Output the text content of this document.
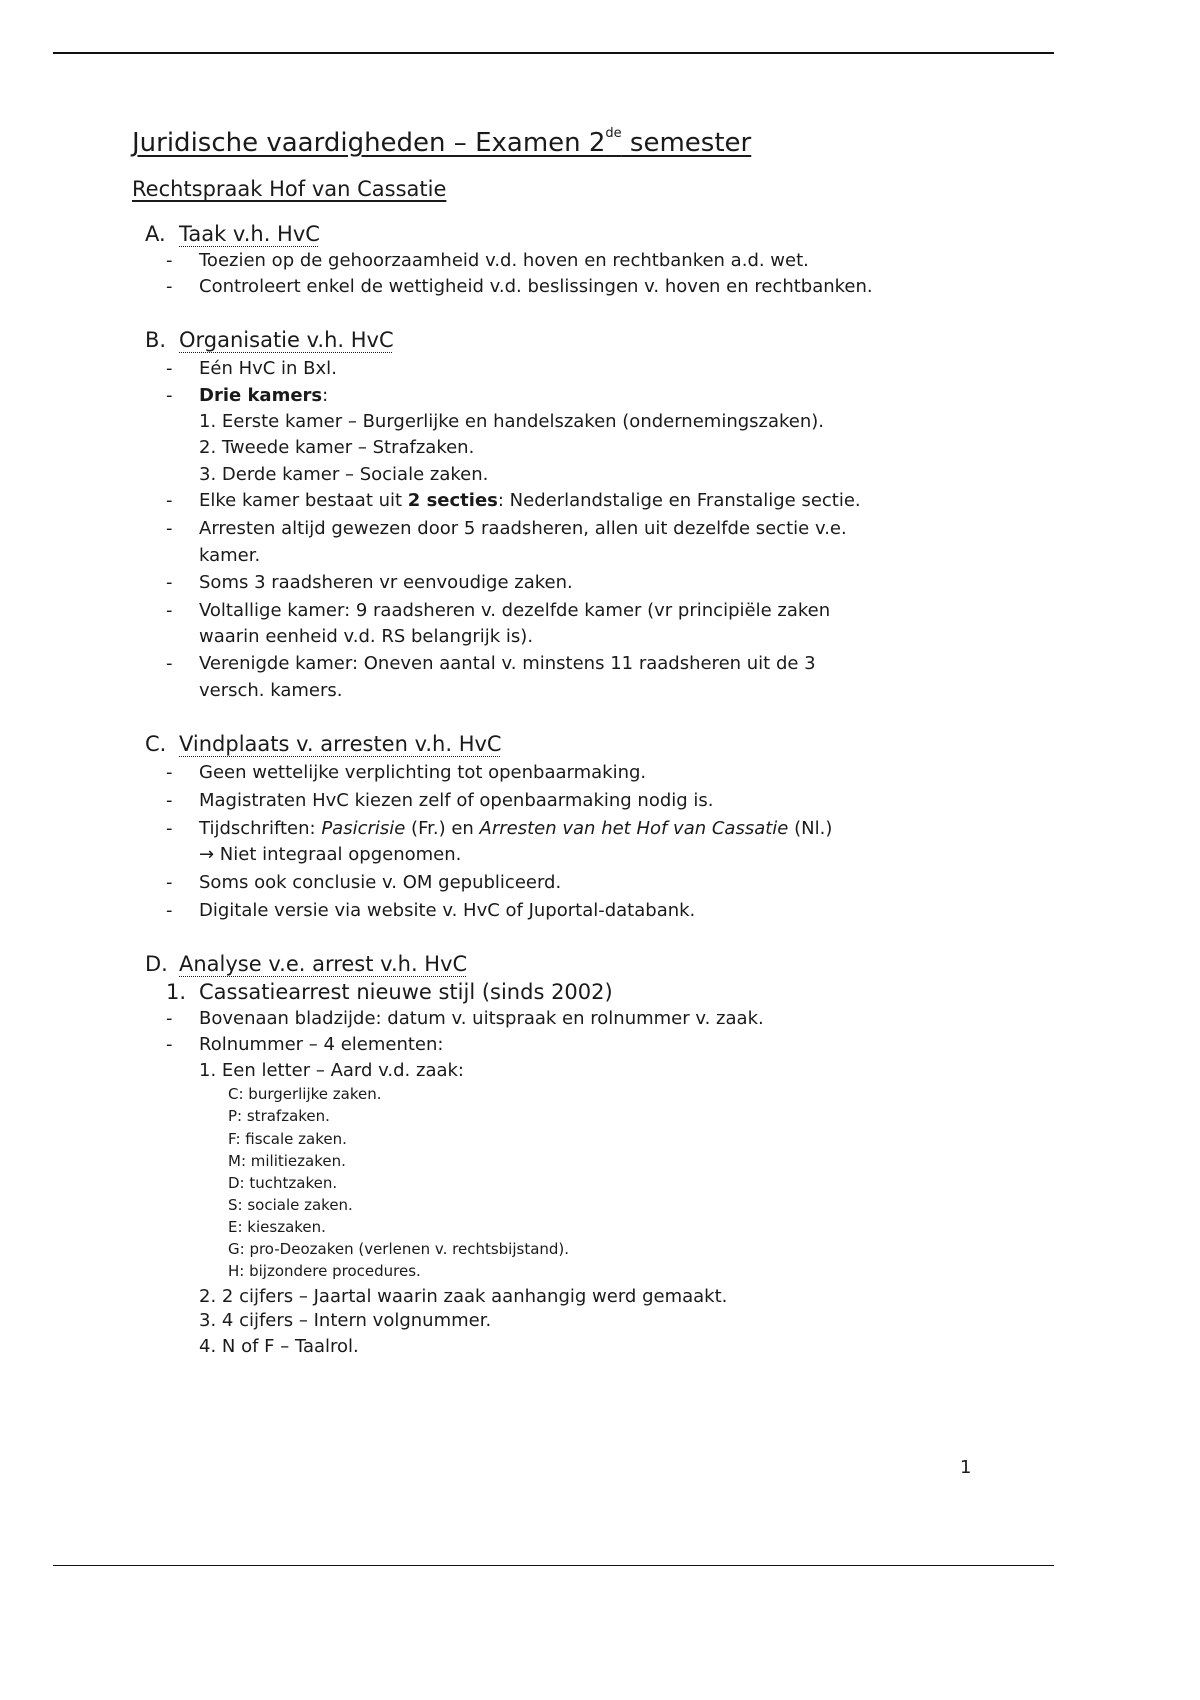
Juridische vaardigheden – Examen 2de semester
Rechtspraak Hof van Cassatie
A. Taak v.h. HvC
-	Toezien op de gehoorzaamheid v.d. hoven en rechtbanken a.d. wet.
-	Controleert enkel de wettigheid v.d. beslissingen v. hoven en rechtbanken.
B. Organisatie v.h. HvC
-	Eén HvC in Bxl.
-	Drie kamers:
1. Eerste kamer – Burgerlijke en handelszaken (ondernemingszaken).
2. Tweede kamer – Strafzaken.
3. Derde kamer – Sociale zaken.
-	Elke kamer bestaat uit 2 secties: Nederlandstalige en Franstalige sectie.
-	Arresten altijd gewezen door 5 raadsheren, allen uit dezelfde sectie v.e.
kamer.
-	Soms 3 raadsheren vr eenvoudige zaken.
-	Voltallige kamer: 9 raadsheren v. dezelfde kamer (vr principiële zaken
waarin eenheid v.d. RS belangrijk is).
-	Verenigde kamer: Oneven aantal v. minstens 11 raadsheren uit de 3
versch. kamers.
C. Vindplaats v. arresten v.h. HvC
-	Geen wettelijke verplichting tot openbaarmaking.
-	Magistraten HvC kiezen zelf of openbaarmaking nodig is.
-	Tijdschriften: Pasicrisie (Fr.) en Arresten van het Hof van Cassatie (Nl.)
→ Niet integraal opgenomen.
-	Soms ook conclusie v. OM gepubliceerd.
-	Digitale versie via website v. HvC of Juportal-databank.
D. Analyse v.e. arrest v.h. HvC
1. Cassatiearrest nieuwe stijl (sinds 2002)
-	Bovenaan bladzijde: datum v. uitspraak en rolnummer v. zaak.
-	Rolnummer – 4 elementen:
1. Een letter – Aard v.d. zaak:
C: burgerlijke zaken.
P: strafzaken.
F: fiscale zaken.
M: militiezaken.
D: tuchtzaken.
S: sociale zaken.
E: kieszaken.
G: pro-Deozaken (verlenen v. rechtsbijstand).
H: bijzondere procedures.
2. 2 cijfers – Jaartal waarin zaak aanhangig werd gemaakt.
3. 4 cijfers – Intern volgnummer.
4. N of F – Taalrol.
1
